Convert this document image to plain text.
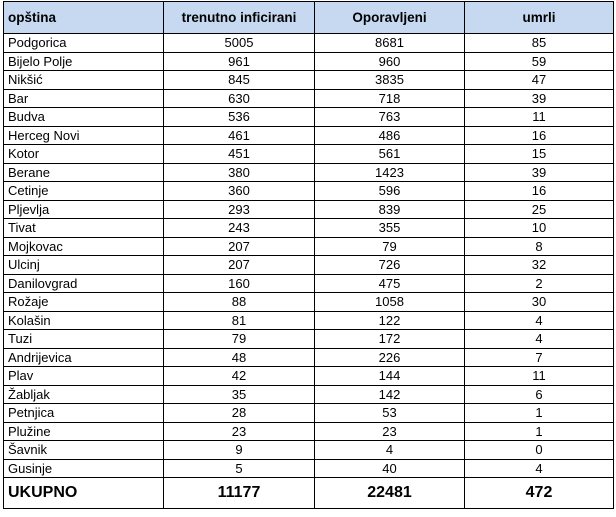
opština	trenutno inficirani	Oporavljeni	umrli
Podgorica	5005	8681	85
Bijelo Polje	961	960	59
Nikšić	845	3835	47
Bar	630	718	39
Budva	536	763	11
Herceg Novi	461	486	16
Kotor	451	561	15
Berane	380	1423	39
Cetinje	360	596	16
Pljevlja	293	839	25
Tivat	243	355	10
Mojkovac	207	79	8
Ulcinj	207	726	32
Danilovgrad	160	475	2
Rožaje	88	1058	30
Kolašin	81	122	4
Tuzi	79	172	4
Andrijevica	48	226	7
Plav	42	144	11
Žabljak	35	142	6
Petnjica	28	53	1
Plužine	23	23	1
Šavnik	9	4	0
Gusinje	5	40	4
UKUPNO	11177	22481	472
